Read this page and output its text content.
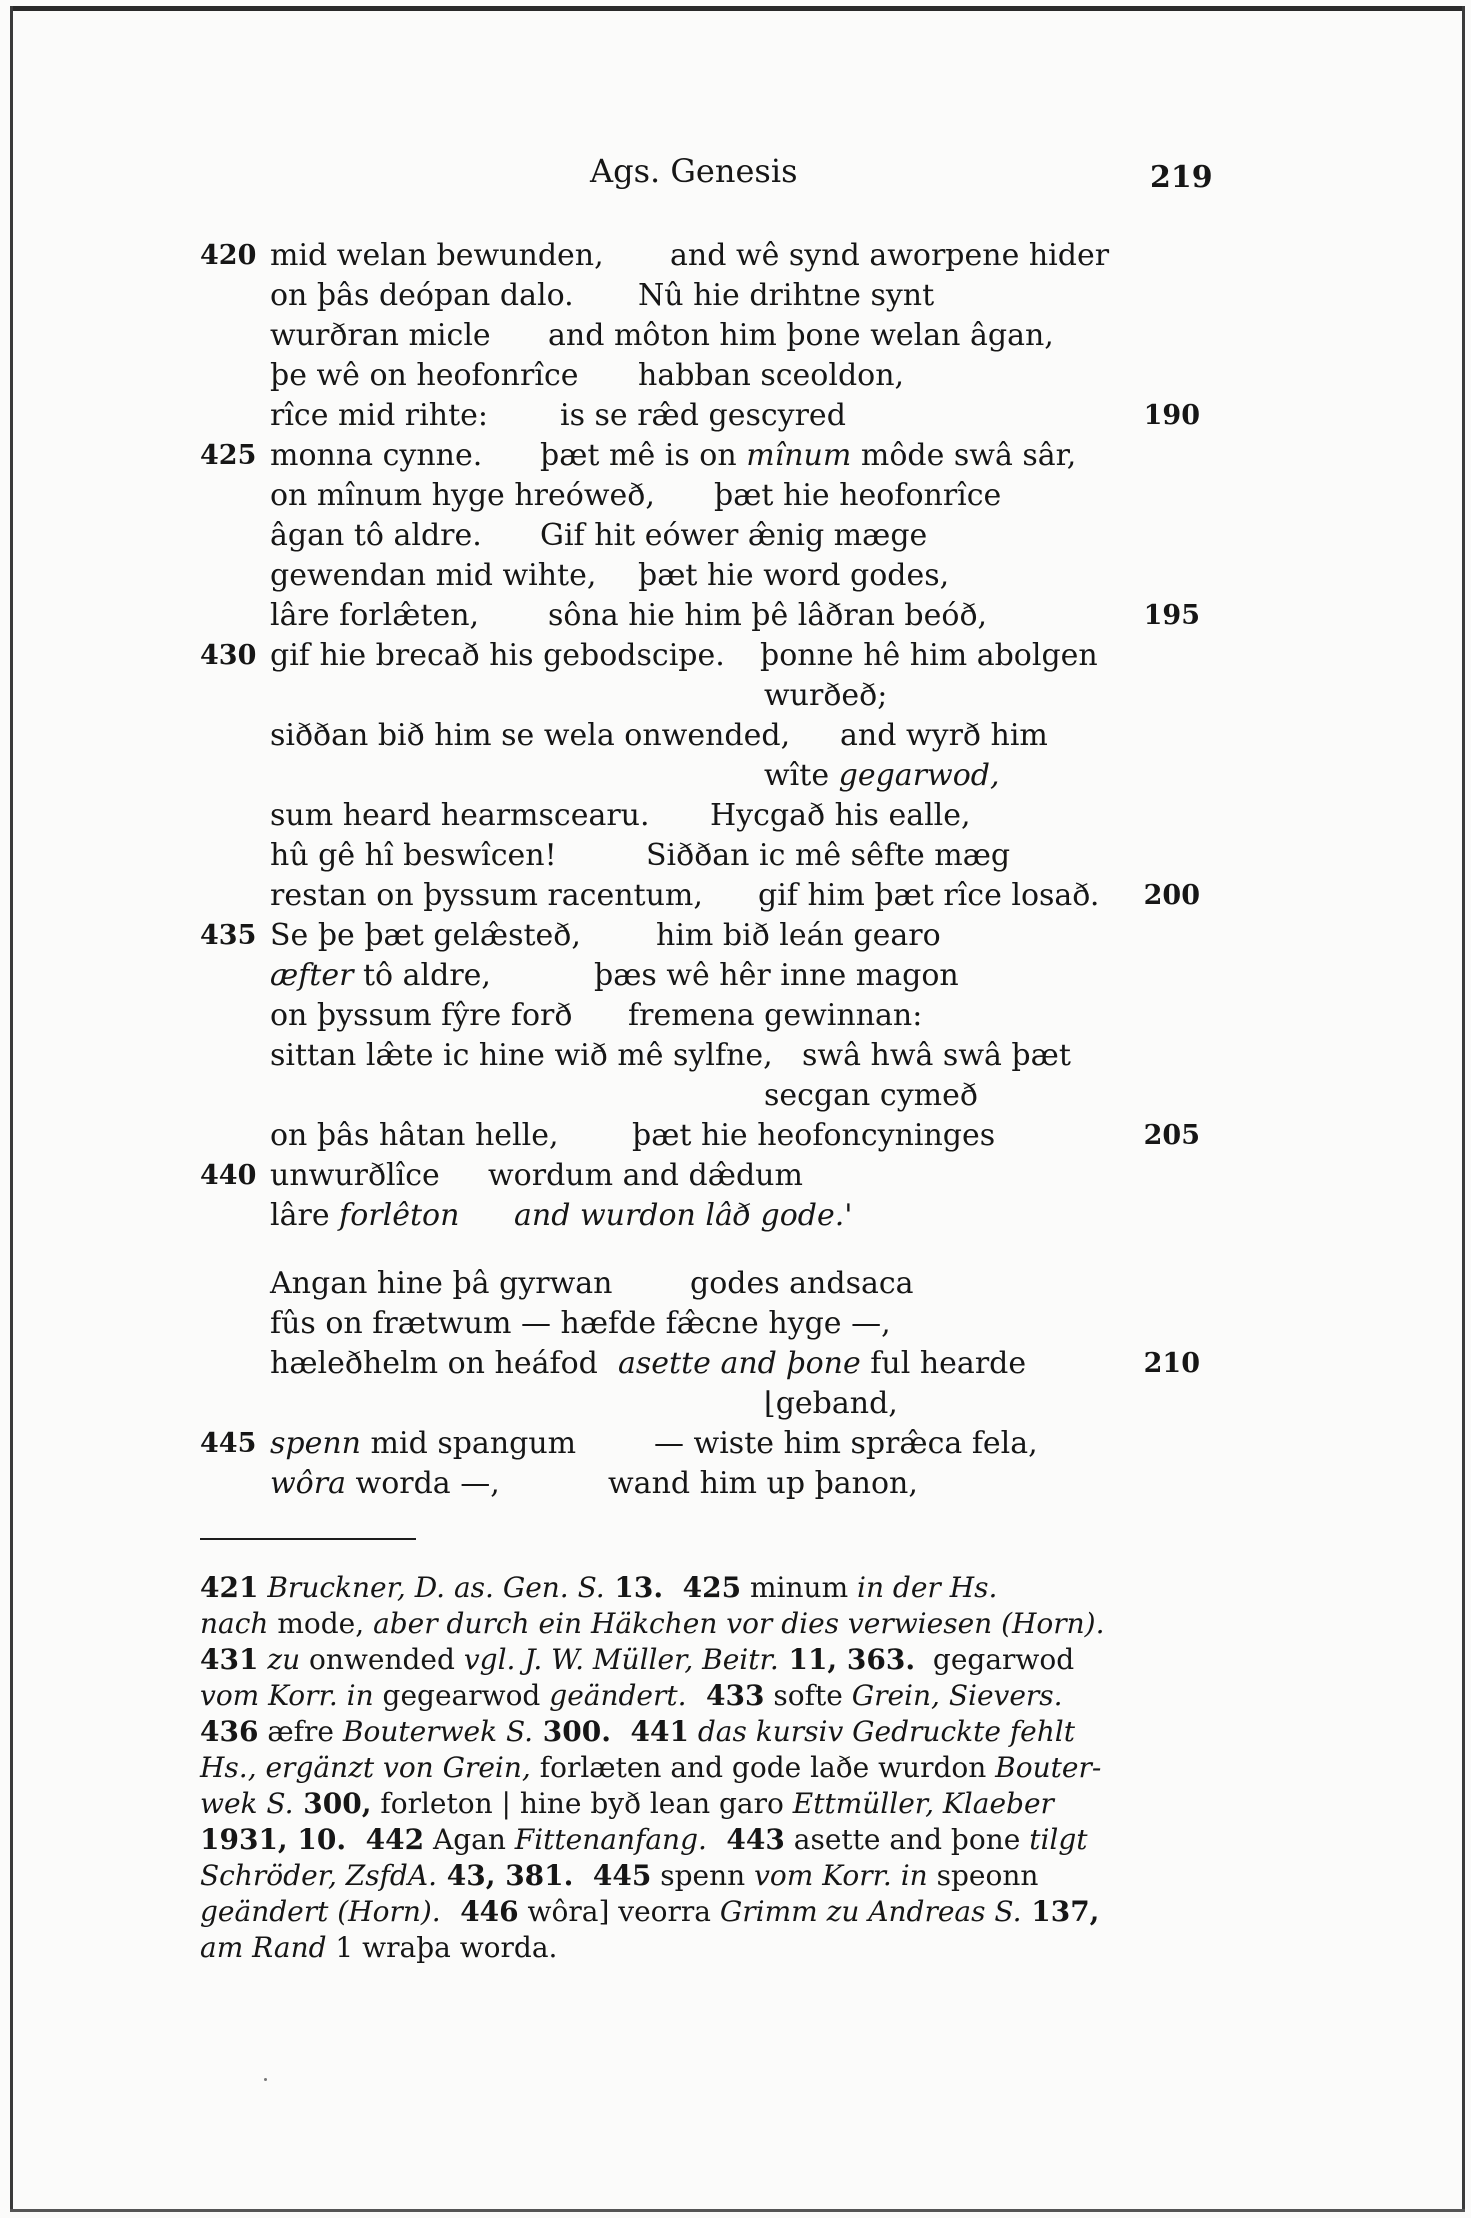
Ags. Genesis	219
420 mid welan bewunden, and wê synd aworpene hider
on þâs deópan dalo. Nû hie drihtne synt
wurðran micle and môton him þone welan âgan,
þe wê on heofonrîce habban sceoldon,
rîce mid rihte: is se ræ̂d gescyred	190
425 monna cynne. þæt mê is on mînum môde swâ sâr,
on mînum hyge hreóweð, þæt hie heofonrîce
âgan tô aldre. Gif hit eówer æ̂nig mæge
gewendan mid wihte, þæt hie word godes,
lâre forlæ̂ten, sôna hie him þê lâðran beóð,	195
430 gif hie brecað his gebodscipe. þonne hê him abolgen
wurðeð;
siððan bið him se wela onwended, and wyrð him
wîte gegarwod,
sum heard hearmscearu. Hycgað his ealle,
hû gê hî beswîcen!	Siððan ic mê sêfte mæg
restan on þyssum racentum, gif him þæt rîce losað. 200
435 Se þe þæt gelæ̂steð,	him bið leán gearo
æfter tô aldre,	þæs wê hêr inne magon
on þyssum fŷre forð fremena gewinnan:
sittan læ̂te ic hine wið mê sylfne, swâ hwâ swâ þæt
secgan cymeð
on þâs hâtan helle, þæt hie heofoncyninges	205
440 unwurðlîce wordum and dæ̂dum
lâre forlêton and wurdon lâð gode.'
Angan hine þâ gyrwan	godes andsaca
fûs on frætwum — hæfde fæ̂cne hyge —,
hæleðhelm on heáfod asette and þone ful hearde	210
⌊geband,
445 spenn mid spangum	— wiste him spræ̂ca fela,
wôra worda —,	wand him up þanon,
421 Bruckner, D. as. Gen. S. 13.  425 minum in der Hs.
nach mode, aber durch ein Häkchen vor dies verwiesen (Horn).
431 zu onwended vgl. J. W. Müller, Beitr. 11, 363.  gegarwod
vom Korr. in gegearwod geändert.  433 softe Grein, Sievers.
436 æfre Bouterwek S. 300.  441 das kursiv Gedruckte fehlt
Hs., ergänzt von Grein, forlæten and gode laðe wurdon Bouter-
wek S. 300, forleton | hine byð lean garo Ettmüller, Klaeber
1931, 10.  442 Agan Fittenanfang.  443 asette and þone tilgt
Schröder, ZsfdA. 43, 381.  445 spenn vom Korr. in speonn
geändert (Horn).  446 wôra] veorra Grimm zu Andreas S. 137,
am Rand 1 wraþa worda.
